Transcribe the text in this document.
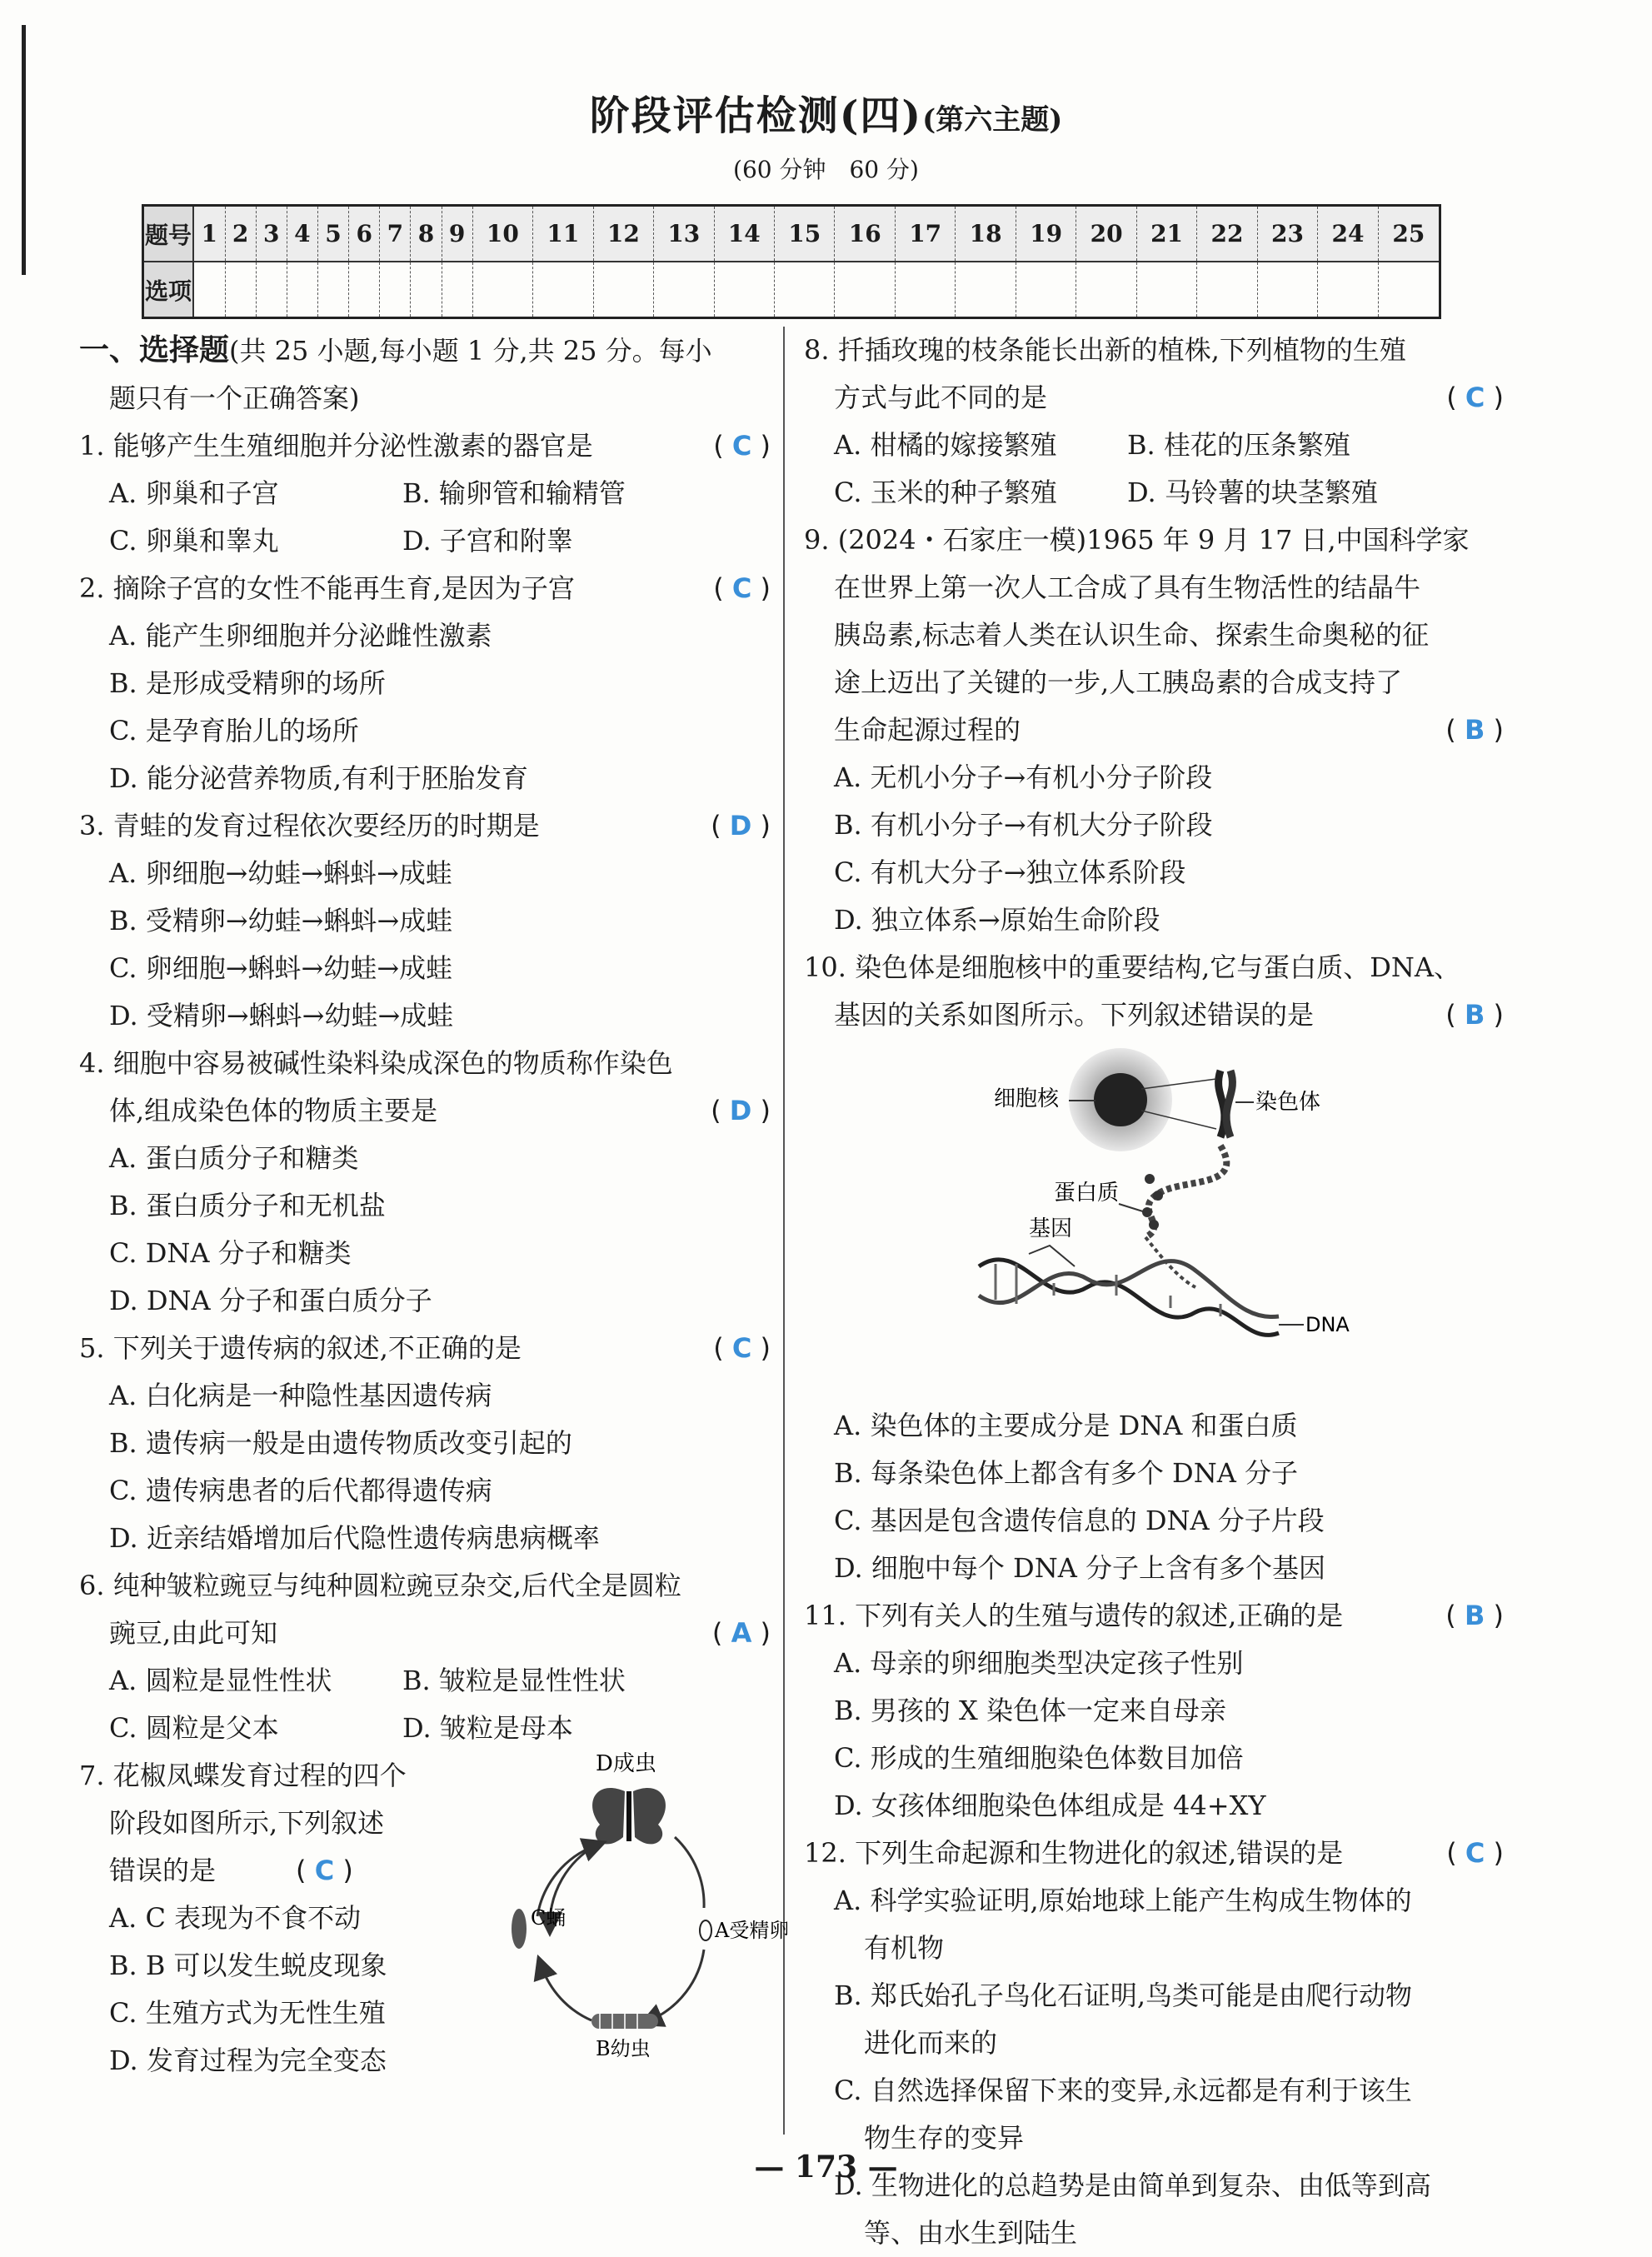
阶段评估检测(四)(第六主题)
(60 分钟　60 分)
题号	1	2	3	4	5	6	7	8	9	10	11	12	13	14	15	16	17	18	19	20	21	22	23	24	25
选项																									
一、选择题(共 25 小题,每小题 1 分,共 25 分。每小
题只有一个正确答案)
1. 能够产生生殖细胞并分泌性激素的器官是	( C )
A. 卵巢和子宫	B. 输卵管和输精管
C. 卵巢和睾丸	D. 子宫和附睾
2. 摘除子宫的女性不能再生育,是因为子宫	( C )
A. 能产生卵细胞并分泌雌性激素
B. 是形成受精卵的场所
C. 是孕育胎儿的场所
D. 能分泌营养物质,有利于胚胎发育
3. 青蛙的发育过程依次要经历的时期是	( D )
A. 卵细胞→幼蛙→蝌蚪→成蛙
B. 受精卵→幼蛙→蝌蚪→成蛙
C. 卵细胞→蝌蚪→幼蛙→成蛙
D. 受精卵→蝌蚪→幼蛙→成蛙
4. 细胞中容易被碱性染料染成深色的物质称作染色
体,组成染色体的物质主要是	( D )
A. 蛋白质分子和糖类
B. 蛋白质分子和无机盐
C. DNA 分子和糖类
D. DNA 分子和蛋白质分子
5. 下列关于遗传病的叙述,不正确的是	( C )
A. 白化病是一种隐性基因遗传病
B. 遗传病一般是由遗传物质改变引起的
C. 遗传病患者的后代都得遗传病
D. 近亲结婚增加后代隐性遗传病患病概率
6. 纯种皱粒豌豆与纯种圆粒豌豆杂交,后代全是圆粒
豌豆,由此可知	( A )
A. 圆粒是显性性状	B. 皱粒是显性性状
C. 圆粒是父本	D. 皱粒是母本
7. 花椒凤蝶发育过程的四个
阶段如图所示,下列叙述
错误的是　　　	( C )
A. C 表现为不食不动
B. B 可以发生蜕皮现象
C. 生殖方式为无性生殖
D. 发育过程为完全变态
D成虫
A受精卵
C蛹
B幼虫
8. 扦插玫瑰的枝条能长出新的植株,下列植物的生殖
方式与此不同的是	( C )
A. 柑橘的嫁接繁殖	B. 桂花的压条繁殖
C. 玉米的种子繁殖	D. 马铃薯的块茎繁殖
9. (2024・石家庄一模)1965 年 9 月 17 日,中国科学家
在世界上第一次人工合成了具有生物活性的结晶牛
胰岛素,标志着人类在认识生命、探索生命奥秘的征
途上迈出了关键的一步,人工胰岛素的合成支持了
生命起源过程的	( B )
A. 无机小分子→有机小分子阶段
B. 有机小分子→有机大分子阶段
C. 有机大分子→独立体系阶段
D. 独立体系→原始生命阶段
10. 染色体是细胞核中的重要结构,它与蛋白质、DNA、
基因的关系如图所示。下列叙述错误的是	( B )
细胞核	染色体
蛋白质
基因
DNA
A. 染色体的主要成分是 DNA 和蛋白质
B. 每条染色体上都含有多个 DNA 分子
C. 基因是包含遗传信息的 DNA 分子片段
D. 细胞中每个 DNA 分子上含有多个基因
11. 下列有关人的生殖与遗传的叙述,正确的是	( B )
A. 母亲的卵细胞类型决定孩子性别
B. 男孩的 X 染色体一定来自母亲
C. 形成的生殖细胞染色体数目加倍
D. 女孩体细胞染色体组成是 44+XY
12. 下列生命起源和生物进化的叙述,错误的是	( C )
A. 科学实验证明,原始地球上能产生构成生物体的
有机物
B. 郑氏始孔子鸟化石证明,鸟类可能是由爬行动物
进化而来的
C. 自然选择保留下来的变异,永远都是有利于该生
物生存的变异
D. 生物进化的总趋势是由简单到复杂、由低等到高
等、由水生到陆生
— 173 —
